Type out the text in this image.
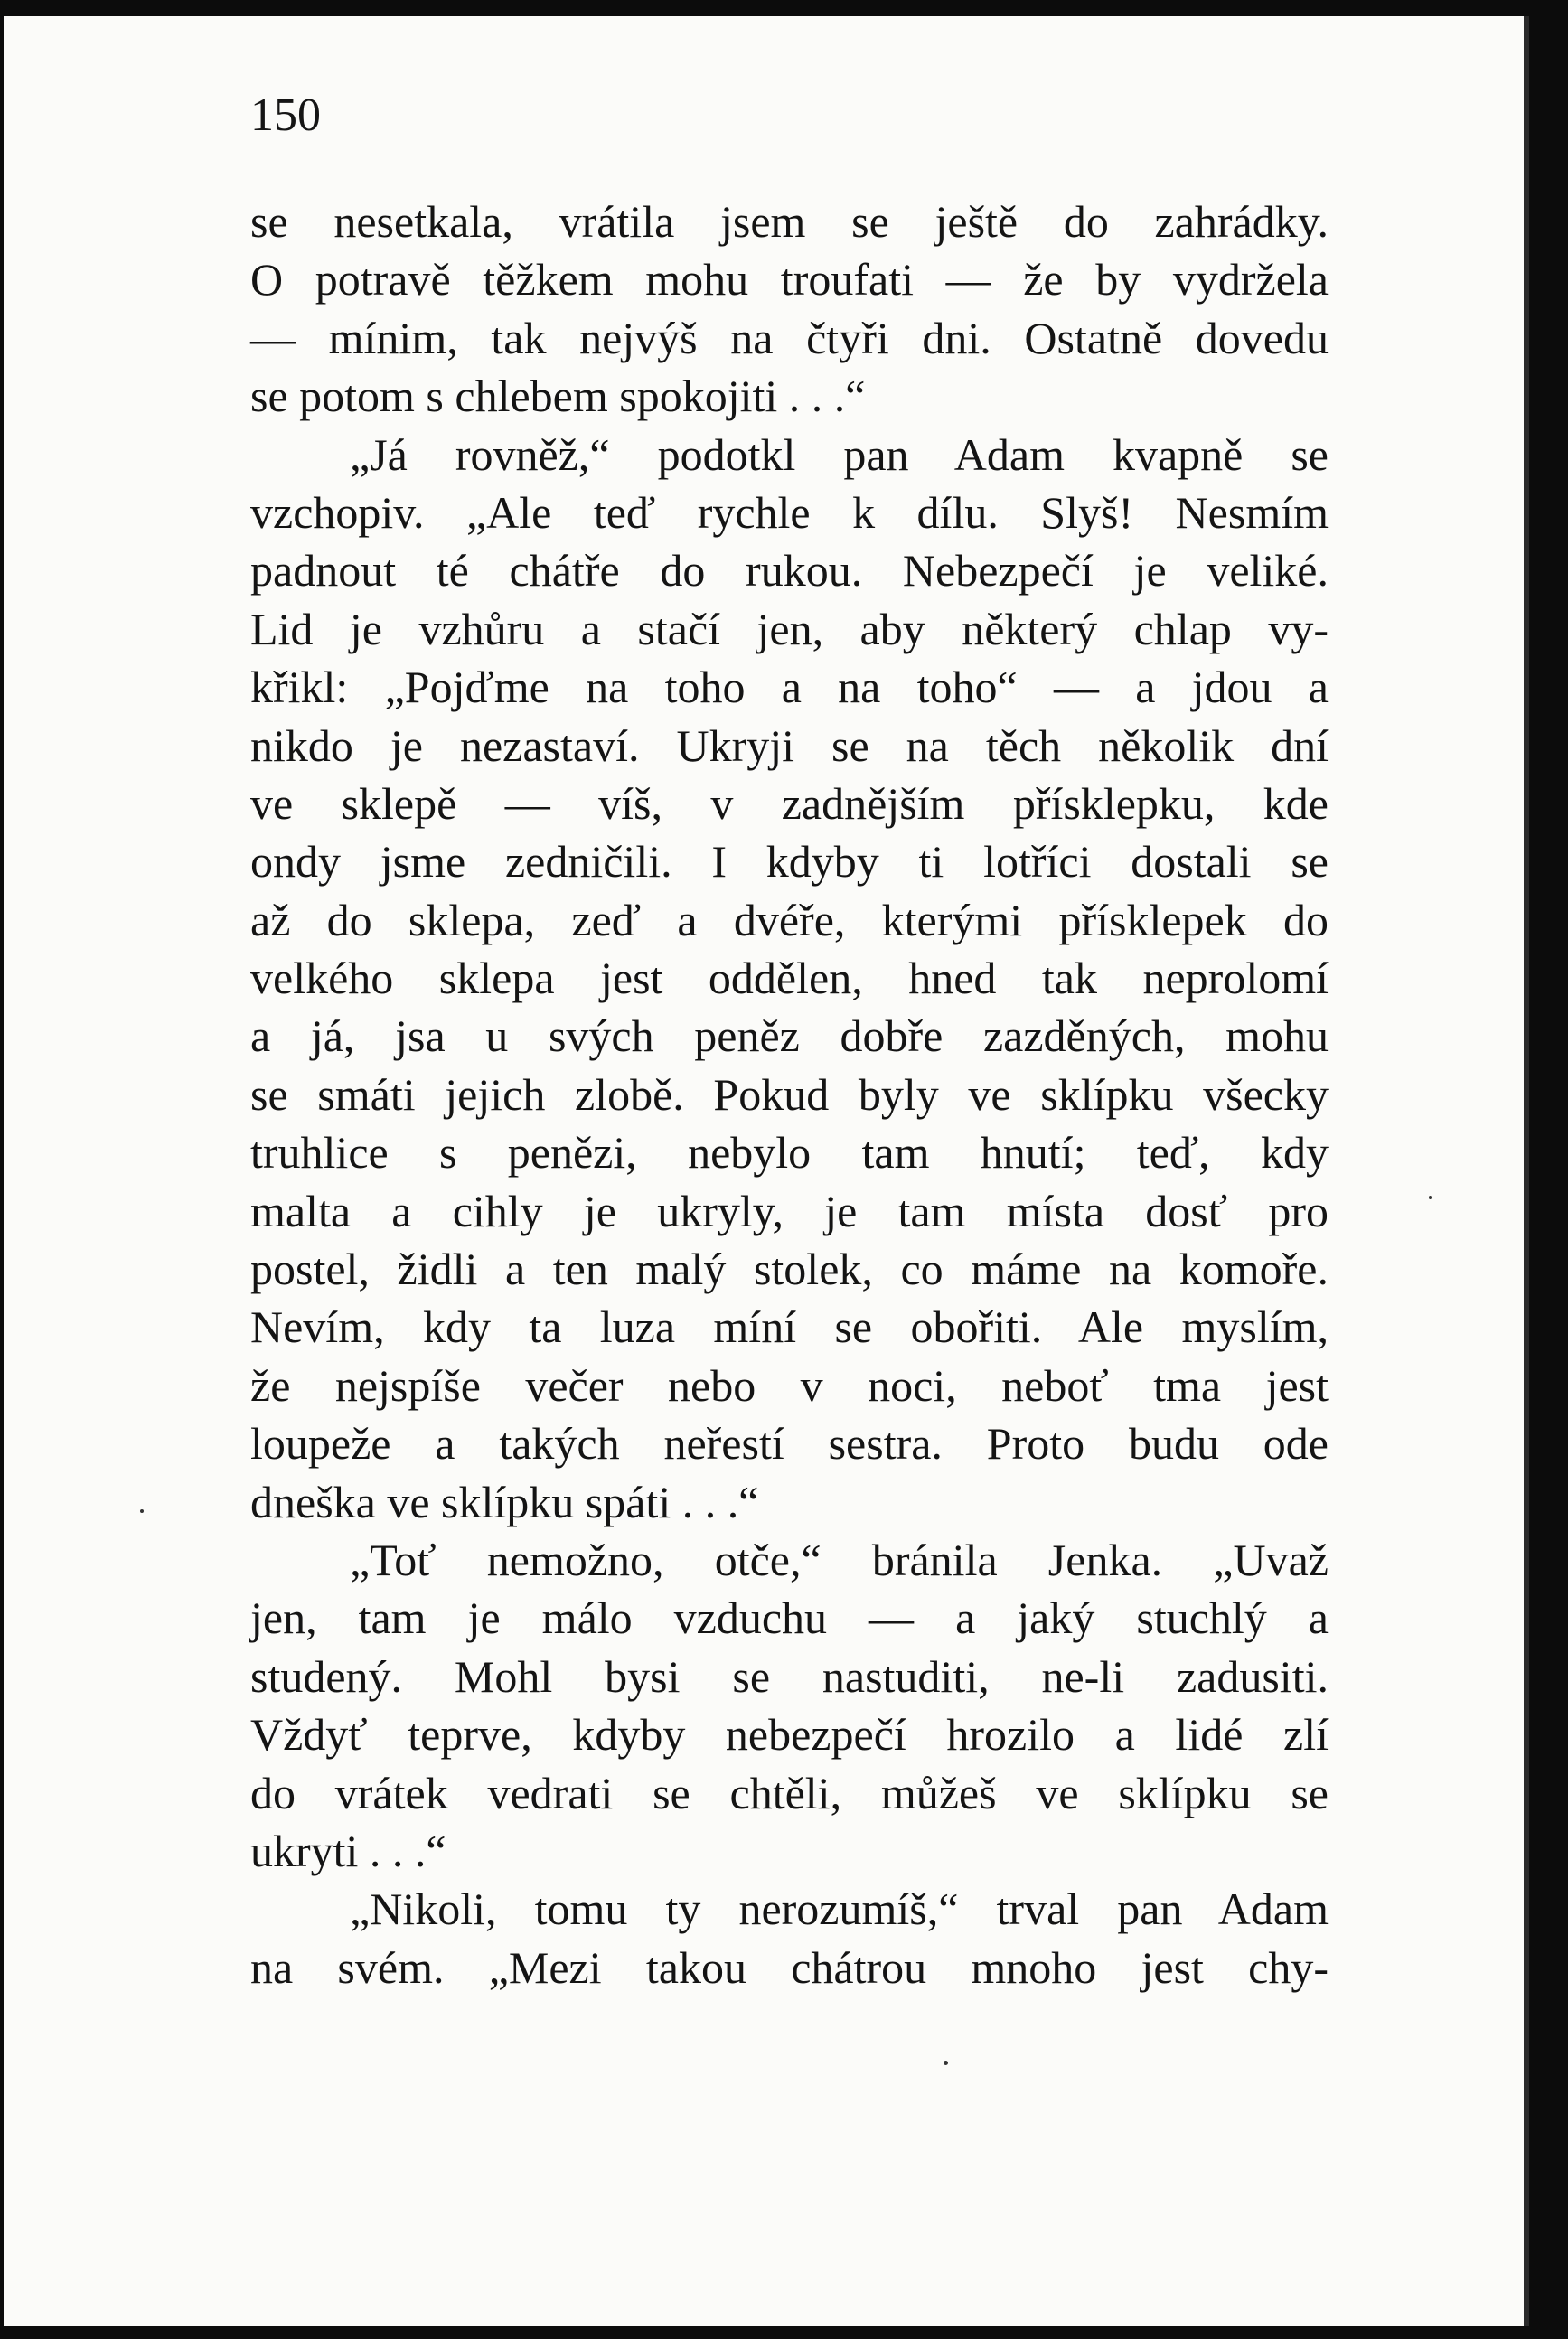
150
se nesetkala, vrátila jsem se ještě do zahrádky.
O potravě těžkem mohu troufati — že by vydržela
— mínim, tak nejvýš na čtyři dni. Ostatně dovedu
se potom s chlebem spokojiti . . .“
„Já rovněž,“ podotkl pan Adam kvapně se
vzchopiv. „Ale teď rychle k dílu. Slyš! Nesmím
padnout té chátře do rukou. Nebezpečí je veliké.
Lid je vzhůru a stačí jen, aby některý chlap vy-
křikl: „Pojďme na toho a na toho“ — a jdou a
nikdo je nezastaví. Ukryji se na těch několik dní
ve sklepě — víš, v zadnějším přísklepku, kde
ondy jsme zedničili. I kdyby ti lotříci dostali se
až do sklepa, zeď a dvéře, kterými přísklepek do
velkého sklepa jest oddělen, hned tak neprolomí
a já, jsa u svých peněz dobře zazděných, mohu
se smáti jejich zlobě. Pokud byly ve sklípku všecky
truhlice s penězi, nebylo tam hnutí; teď, kdy
malta a cihly je ukryly, je tam místa dosť pro
postel, židli a ten malý stolek, co máme na komoře.
Nevím, kdy ta luza míní se obořiti. Ale myslím,
že nejspíše večer nebo v noci, neboť tma jest
loupeže a takých neřestí sestra. Proto budu ode
dneška ve sklípku spáti . . .“
„Toť nemožno, otče,“ bránila Jenka. „Uvaž
jen, tam je málo vzduchu — a jaký stuchlý a
studený. Mohl bysi se nastuditi, ne-li zadusiti.
Vždyť teprve, kdyby nebezpečí hrozilo a lidé zlí
do vrátek vedrati se chtěli, můžeš ve sklípku se
ukryti . . .“
„Nikoli, tomu ty nerozumíš,“ trval pan Adam
na svém. „Mezi takou chátrou mnoho jest chy-
